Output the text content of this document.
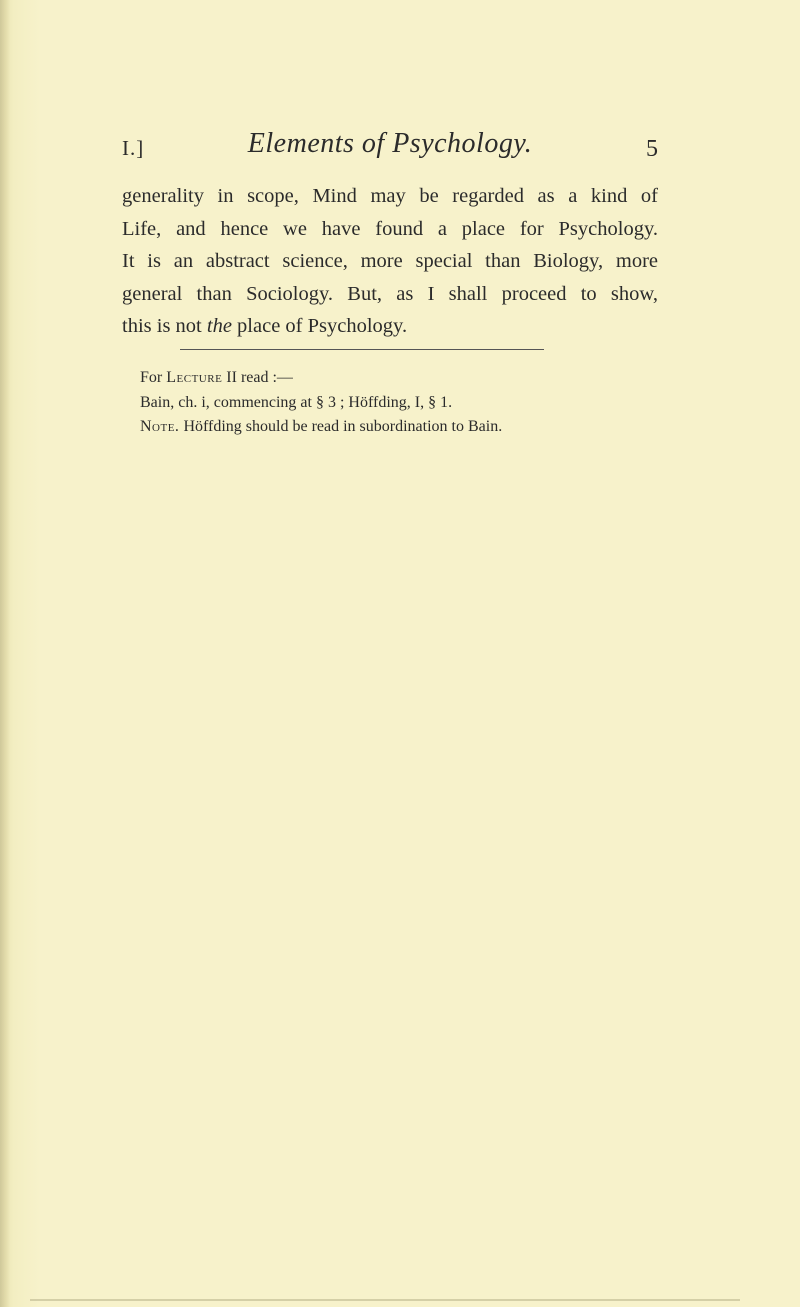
I.]	Elements of Psychology.	5
generality in scope, Mind may be regarded as a kind of
Life, and hence we have found a place for Psychology.
It is an abstract science, more special than Biology, more
general than Sociology. But, as I shall proceed to show,
this is not the place of Psychology.
For Lecture II read :—
Bain, ch. i, commencing at § 3 ; Höffding, I, § 1.
Note. Höffding should be read in subordination to Bain.
